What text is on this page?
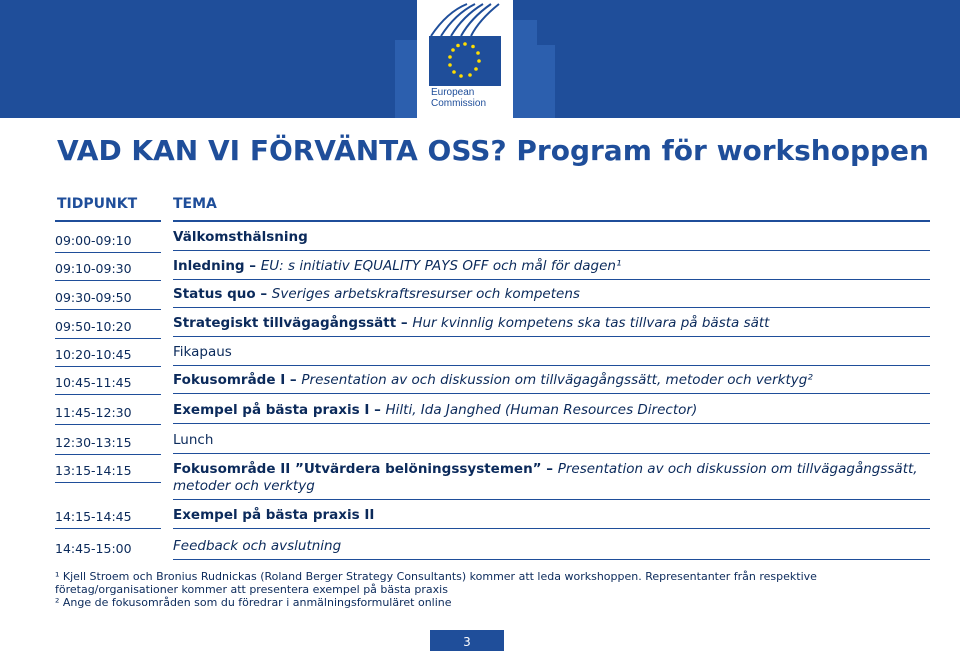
European
Commission
VAD KAN VI FÖRVÄNTA OSS? Program för workshoppen
TIDPUNKT	TEMA
09:00-09:10	Välkomsthälsning
09:10-09:30	Inledning – EU: s initiativ EQUALITY PAYS OFF och mål för dagen¹
09:30-09:50	Status quo – Sveriges arbetskraftsresurser och kompetens
09:50-10:20	Strategiskt tillvägagångssätt – Hur kvinnlig kompetens ska tas tillvara på bästa sätt
10:20-10:45	Fikapaus
10:45-11:45	Fokusområde I – Presentation av och diskussion om tillvägagångssätt, metoder och verktyg²
11:45-12:30	Exempel på bästa praxis I – Hilti, Ida Janghed (Human Resources Director)
12:30-13:15	Lunch
13:15-14:15	Fokusområde II ”Utvärdera belöningssystemen” – Presentation av och diskussion om tillvägagångssätt, metoder och verktyg
14:15-14:45	Exempel på bästa praxis II
14:45-15:00	Feedback och avslutning
¹ Kjell Stroem och Bronius Rudnickas (Roland Berger Strategy Consultants) kommer att leda workshoppen. Representanter från respektive företag/organisationer kommer att presentera exempel på bästa praxis
² Ange de fokusområden som du föredrar i anmälningsformuläret online
3
